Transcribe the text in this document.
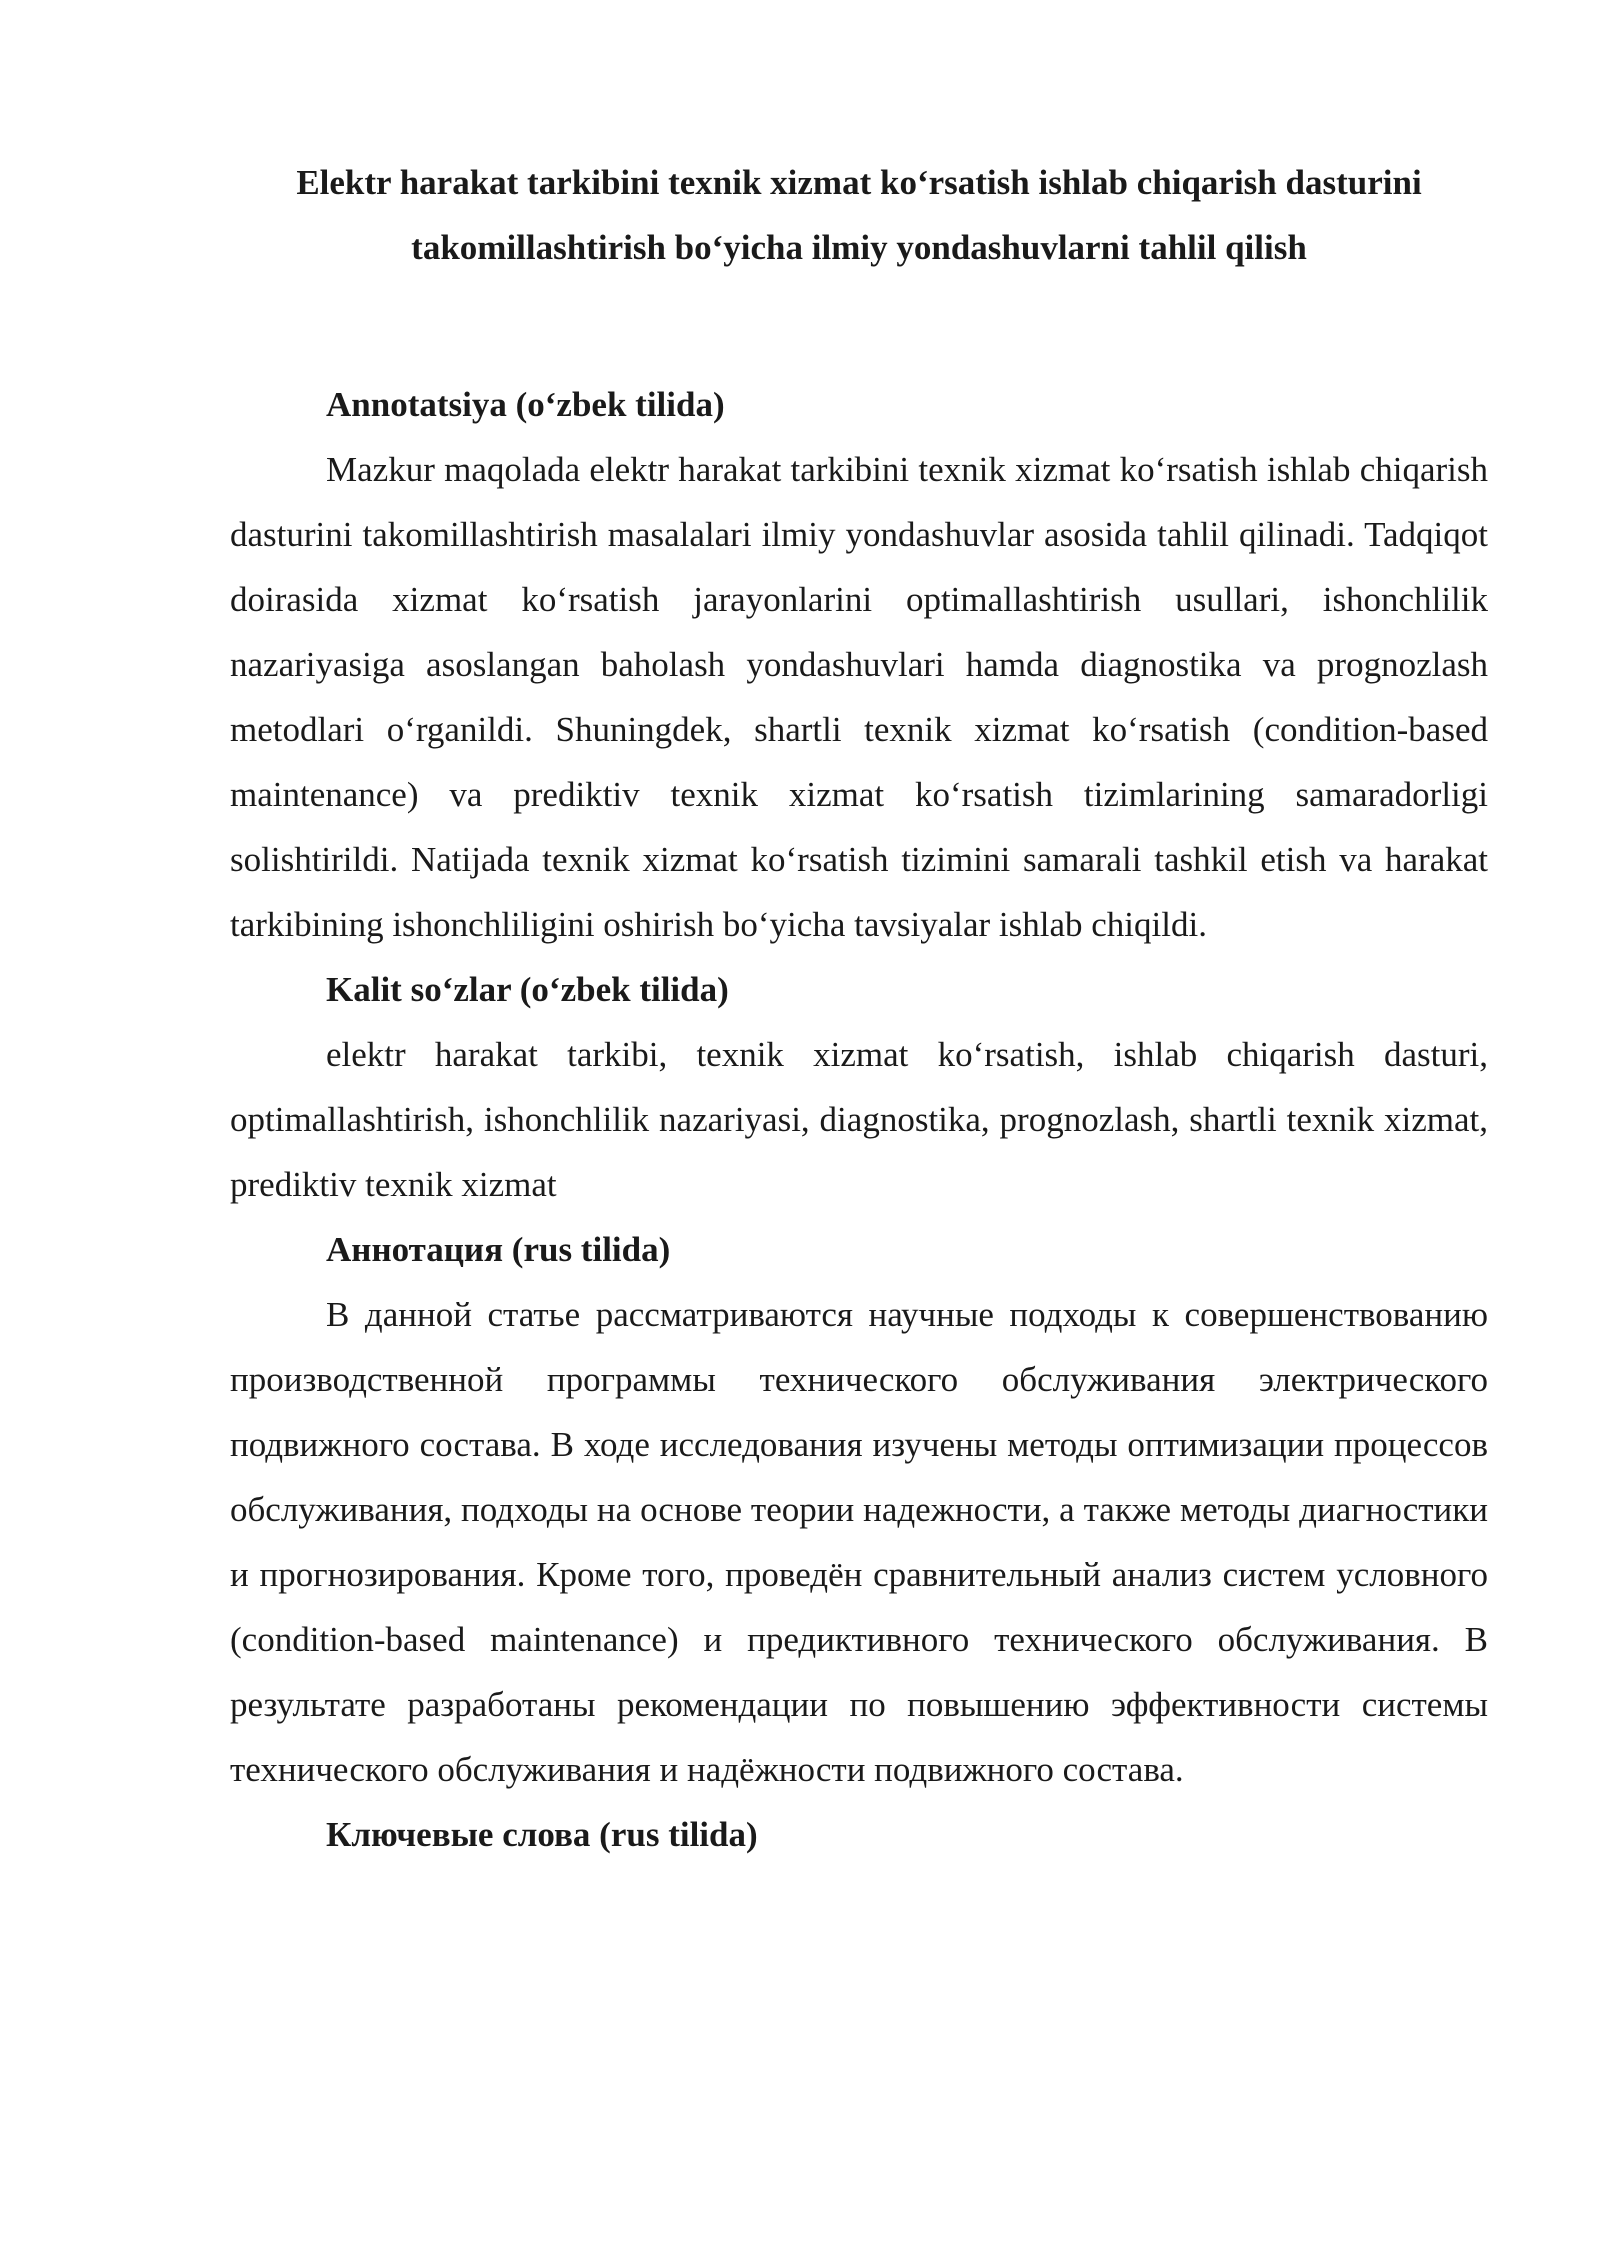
Elektr harakat tarkibini texnik xizmat ko‘rsatish ishlab chiqarish dasturini
takomillashtirish bo‘yicha ilmiy yondashuvlarni tahlil qilish

Annotatsiya (o‘zbek tilida)

Mazkur maqolada elektr harakat tarkibini texnik xizmat ko‘rsatish ishlab chiqarish dasturini takomillashtirish masalalari ilmiy yondashuvlar asosida tahlil qilinadi. Tadqiqot doirasida xizmat ko‘rsatish jarayonlarini optimallashtirish usullari, ishonchlilik nazariyasiga asoslangan baholash yondashuvlari hamda diagnostika va prognozlash metodlari o‘rganildi. Shuningdek, shartli texnik xizmat ko‘rsatish (condition-based maintenance) va prediktiv texnik xizmat ko‘rsatish tizimlarining samaradorligi solishtirildi. Natijada texnik xizmat ko‘rsatish tizimini samarali tashkil etish va harakat tarkibining ishonchliligini oshirish bo‘yicha tavsiyalar ishlab chiqildi.

Kalit so‘zlar (o‘zbek tilida)

elektr harakat tarkibi, texnik xizmat ko‘rsatish, ishlab chiqarish dasturi, optimallashtirish, ishonchlilik nazariyasi, diagnostika, prognozlash, shartli texnik xizmat, prediktiv texnik xizmat

Аннотация (rus tilida)

В данной статье рассматриваются научные подходы к совершенствованию производственной программы технического обслуживания электрического подвижного состава. В ходе исследования изучены методы оптимизации процессов обслуживания, подходы на основе теории надежности, а также методы диагностики и прогнозирования. Кроме того, проведён сравнительный анализ систем условного (condition-based maintenance) и предиктивного технического обслуживания. В результате разработаны рекомендации по повышению эффективности системы технического обслуживания и надёжности подвижного состава.

Ключевые слова (rus tilida)
